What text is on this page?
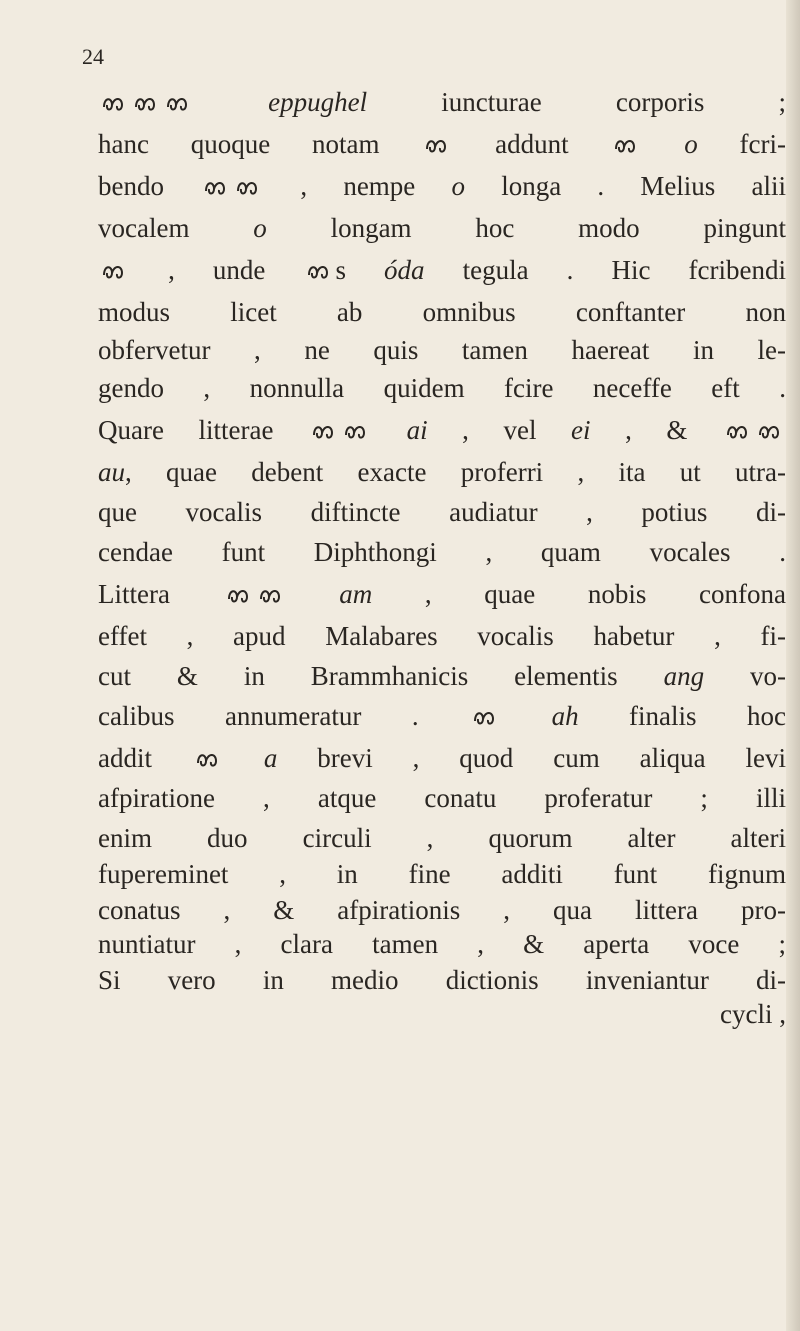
24
eppughel iuncturae corporis ;
hanc quoque notam  addunt	o fcri-
bendo  , nempe o longa . Melius alii
vocalem o longam hoc modo pingunt
, unde s óda tegula . Hic fcribendi
modus licet ab omnibus conftanter non
obfervetur , ne quis tamen haereat in le-
gendo , nonnulla quidem fcire neceffe eft .
Quare litterae	ai , vel ei , &
au, quae debent exacte proferri , ita ut utra-
que vocalis diftincte audiatur , potius di-
cendae funt Diphthongi , quam vocales .
Littera	am , quae nobis confona
effet , apud Malabares vocalis habetur , fi-
cut & in Brammhanicis elementis ang vo-
calibus annumeratur .	ah finalis hoc
addit	a brevi , quod cum aliqua levi
afpiratione , atque conatu proferatur ; illi
enim duo circuli , quorum alter alteri
fupereminet , in fine additi funt fignum
conatus , & afpirationis , qua littera pro-
nuntiatur , clara tamen , & aperta voce ;
Si vero in medio dictionis inveniantur di-
cycli ,
